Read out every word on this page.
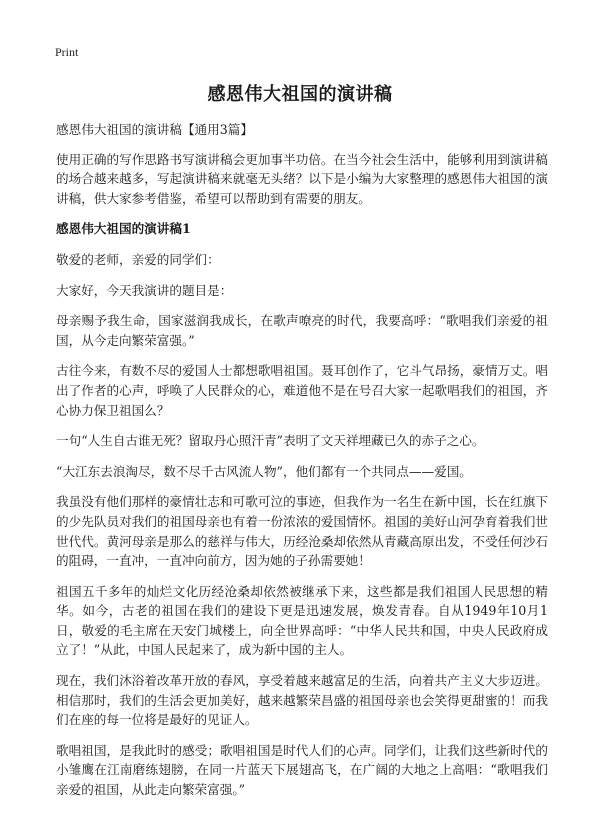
Print
感恩伟大祖国的演讲稿

感恩伟大祖国的演讲稿【通用3篇】

使用正确的写作思路书写演讲稿会更加事半功倍。在当今社会生活中，能够利用到演讲稿的场合越来越多，写起演讲稿来就毫无头绪？以下是小编为大家整理的感恩伟大祖国的演讲稿，供大家参考借鉴，希望可以帮助到有需要的朋友。

感恩伟大祖国的演讲稿1

敬爱的老师，亲爱的同学们：

大家好，今天我演讲的题目是：

母亲赐予我生命，国家滋润我成长，在歌声嘹亮的时代，我要高呼：“歌唱我们亲爱的祖国，从今走向繁荣富强。”

古往今来，有数不尽的爱国人士都想歌唱祖国。聂耳创作了，它斗气昂扬，豪情万丈。唱出了作者的心声，呼唤了人民群众的心，难道他不是在号召大家一起歌唱我们的祖国，齐心协力保卫祖国么？

一句“人生自古谁无死？留取丹心照汗青”表明了文天祥埋藏已久的赤子之心。

“大江东去浪淘尽，数不尽千古风流人物”，他们都有一个共同点——爱国。

我虽没有他们那样的豪情壮志和可歌可泣的事迹，但我作为一名生在新中国，长在红旗下的少先队员对我们的祖国母亲也有着一份浓浓的爱国情怀。祖国的美好山河孕育着我们世世代代。黄河母亲是那么的慈祥与伟大，历经沧桑却依然从青藏高原出发，不受任何沙石的阻碍，一直冲，一直冲向前方，因为她的子孙需要她！

祖国五千多年的灿烂文化历经沧桑却依然被继承下来，这些都是我们祖国人民思想的精华。如今，古老的祖国在我们的建设下更是迅速发展，焕发青春。自从1949年10月1日，敬爱的毛主席在天安门城楼上，向全世界高呼：“中华人民共和国，中央人民政府成立了！”从此，中国人民起来了，成为新中国的主人。

现在，我们沐浴着改革开放的春风，享受着越来越富足的生活，向着共产主义大步迈进。相信那时，我们的生活会更加美好，越来越繁荣昌盛的祖国母亲也会笑得更甜蜜的！而我们在座的每一位将是最好的见证人。

歌唱祖国，是我此时的感受；歌唱祖国是时代人们的心声。同学们，让我们这些新时代的小雏鹰在江南磨练翅膀，在同一片蓝天下展翅高飞，在广阔的大地之上高唱：“歌唱我们亲爱的祖国，从此走向繁荣富强。”
